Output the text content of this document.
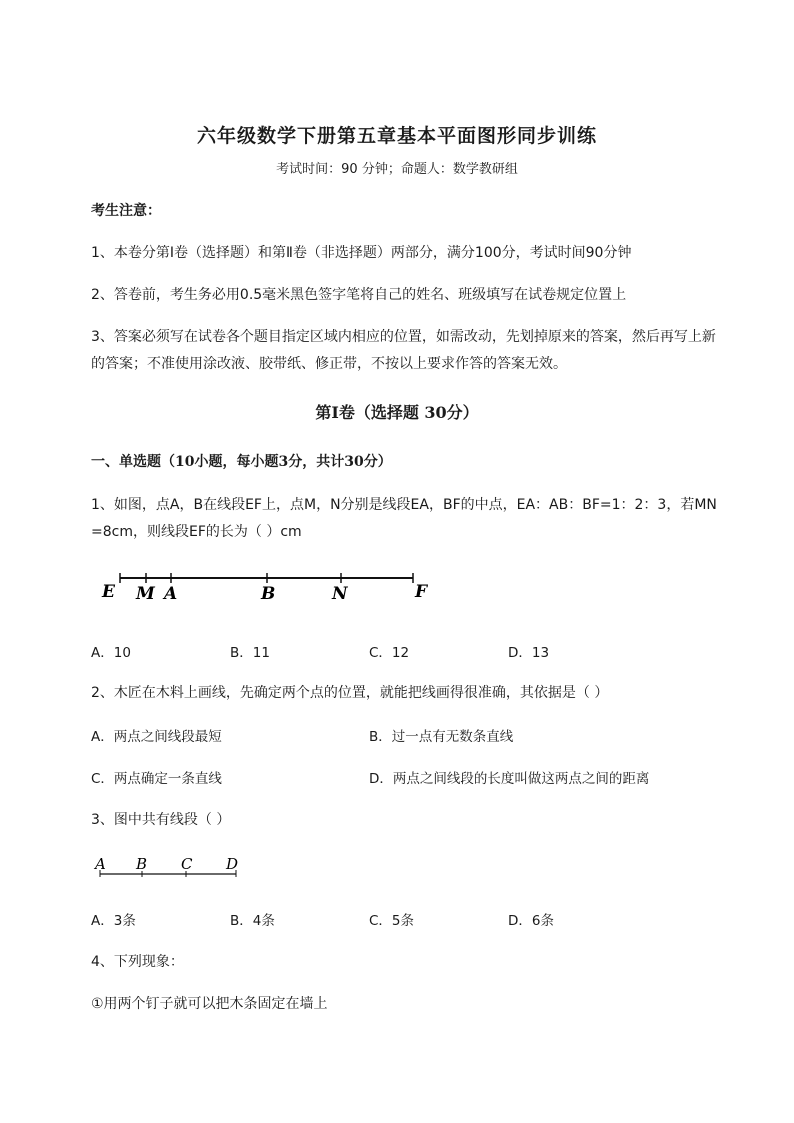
六年级数学下册第五章基本平面图形同步训练
考试时间：90 分钟；命题人：数学教研组
考生注意：
1、本卷分第Ⅰ卷（选择题）和第Ⅱ卷（非选择题）两部分，满分100分，考试时间90分钟
2、答卷前，考生务必用0.5毫米黑色签字笔将自己的姓名、班级填写在试卷规定位置上
3、答案必须写在试卷各个题目指定区域内相应的位置，如需改动，先划掉原来的答案，然后再写上新
的答案；不准使用涂改液、胶带纸、修正带，不按以上要求作答的答案无效。
第Ⅰ卷（选择题 30分）
一、单选题（10小题，每小题3分，共计30分）
1、如图，点A，B在线段EF上，点M，N分别是线段EA，BF的中点，EA：AB：BF=1：2：3，若MN
=8cm，则线段EF的长为（ ）cm
E M A	B	N	F
A．10	B．11	C．12	D．13
2、木匠在木料上画线，先确定两个点的位置，就能把线画得很准确，其依据是（ ）
A．两点之间线段最短	B．过一点有无数条直线
C．两点确定一条直线	D．两点之间线段的长度叫做这两点之间的距离
3、图中共有线段（ ）
A B C D
A．3条	B．4条	C．5条	D．6条
4、下列现象：
①用两个钉子就可以把木条固定在墙上
